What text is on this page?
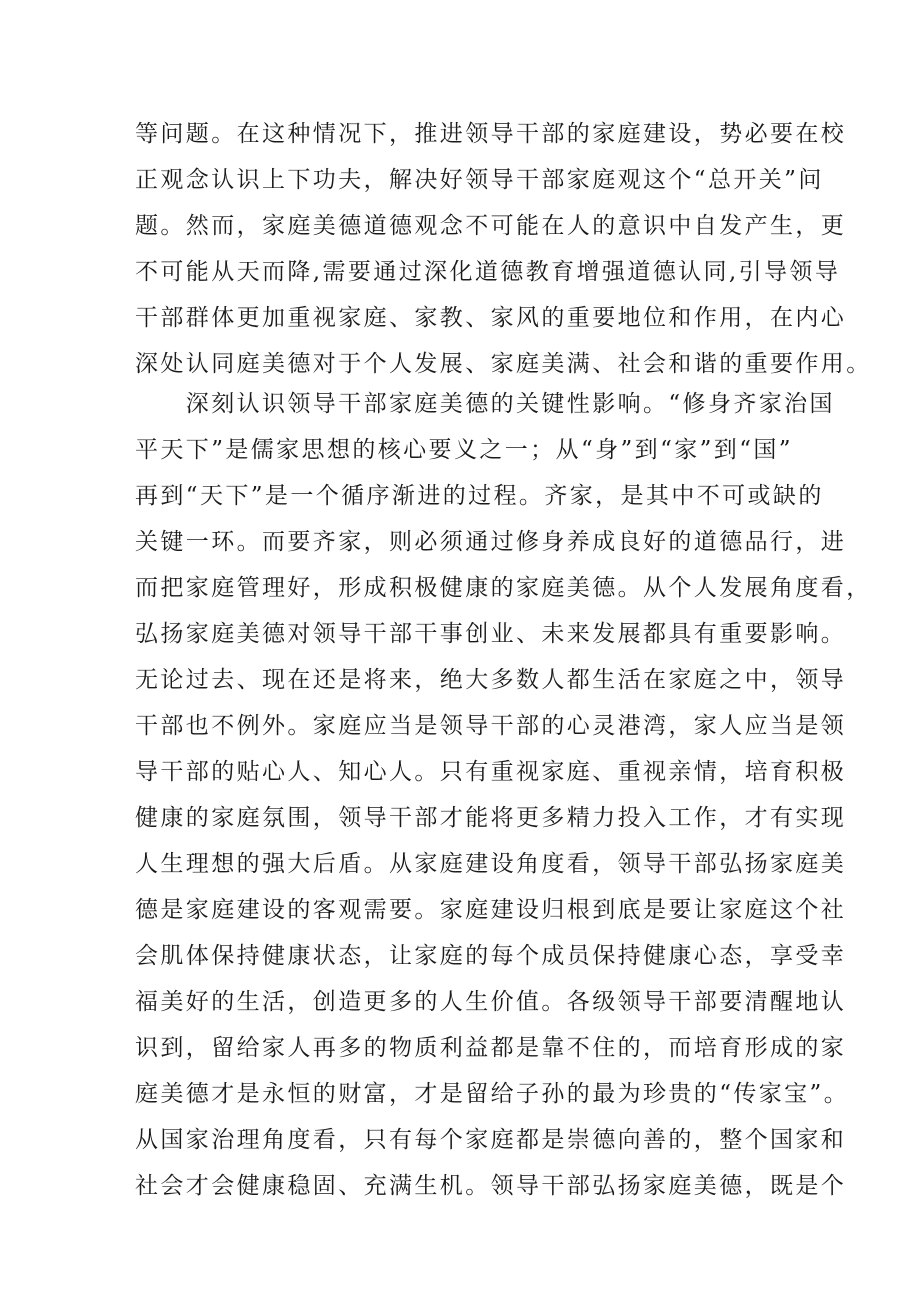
等问题。在这种情况下，推进领导干部的家庭建设，势必要在校
正观念认识上下功夫，解决好领导干部家庭观这个“总开关”问
题。然而，家庭美德道德观念不可能在人的意识中自发产生，更
不可能从天而降,需要通过深化道德教育增强道德认同,引导领导
干部群体更加重视家庭、家教、家风的重要地位和作用，在内心
深处认同庭美德对于个人发展、家庭美满、社会和谐的重要作用。
　　深刻认识领导干部家庭美德的关键性影响。“修身齐家治国
平天下”是儒家思想的核心要义之一；从“身”到“家”到“国”
再到“天下”是一个循序渐进的过程。齐家，是其中不可或缺的
关键一环。而要齐家，则必须通过修身养成良好的道德品行，进
而把家庭管理好，形成积极健康的家庭美德。从个人发展角度看，
弘扬家庭美德对领导干部干事创业、未来发展都具有重要影响。
无论过去、现在还是将来，绝大多数人都生活在家庭之中，领导
干部也不例外。家庭应当是领导干部的心灵港湾，家人应当是领
导干部的贴心人、知心人。只有重视家庭、重视亲情，培育积极
健康的家庭氛围，领导干部才能将更多精力投入工作，才有实现
人生理想的强大后盾。从家庭建设角度看，领导干部弘扬家庭美
德是家庭建设的客观需要。家庭建设归根到底是要让家庭这个社
会肌体保持健康状态，让家庭的每个成员保持健康心态，享受幸
福美好的生活，创造更多的人生价值。各级领导干部要清醒地认
识到，留给家人再多的物质利益都是靠不住的，而培育形成的家
庭美德才是永恒的财富，才是留给子孙的最为珍贵的“传家宝”。
从国家治理角度看，只有每个家庭都是崇德向善的，整个国家和
社会才会健康稳固、充满生机。领导干部弘扬家庭美德，既是个
